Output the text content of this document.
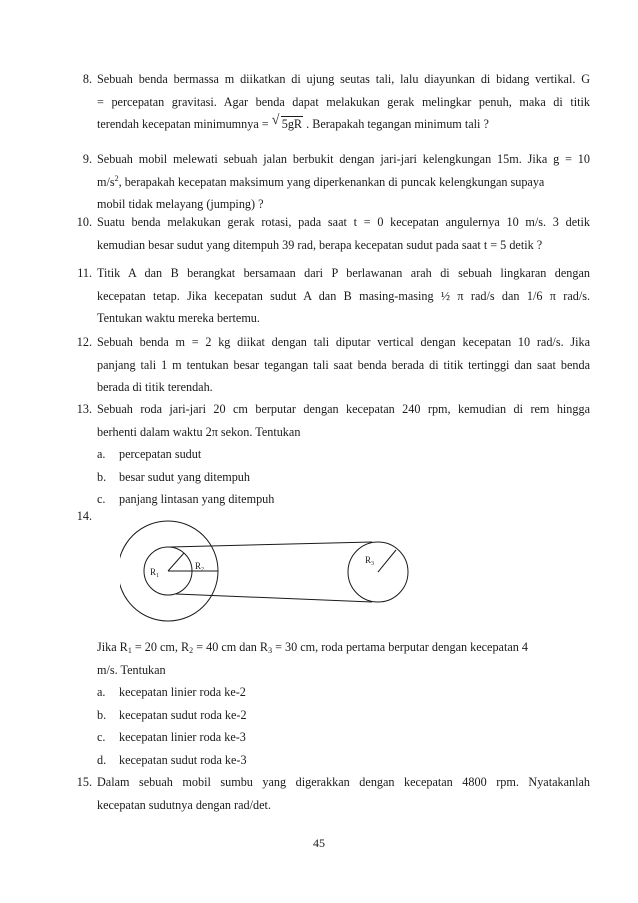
8. Sebuah benda bermassa m diikatkan di ujung seutas tali, lalu diayunkan di bidang vertikal. G
= percepatan gravitasi. Agar benda dapat melakukan gerak melingkar penuh, maka di titik
terendah kecepatan minimumnya = √ 5gR . Berapakah tegangan minimum tali ?
9. Sebuah mobil melewati sebuah jalan berbukit dengan jari-jari kelengkungan 15m. Jika g = 10
$m/s^2$, berapakah kecepatan maksimum yang diperkenankan di puncak kelengkungan supaya
mobil tidak melayang (jumping) ?
10. Suatu benda melakukan gerak rotasi, pada saat t = 0 kecepatan angulernya 10 m/s. 3 detik
kemudian besar sudut yang ditempuh 39 rad, berapa kecepatan sudut pada saat t = 5 detik ?
11. Titik A dan B berangkat bersamaan dari P berlawanan arah di sebuah lingkaran dengan
kecepatan tetap. Jika kecepatan sudut A dan B masing-masing ½ π rad/s dan 1/6 π rad/s.
Tentukan waktu mereka bertemu.
12. Sebuah benda m = 2 kg diikat dengan tali diputar vertical dengan kecepatan 10 rad/s. Jika
panjang tali 1 m tentukan besar tegangan tali saat benda berada di titik tertinggi dan saat benda
berada di titik terendah.
13. Sebuah roda jari-jari 20 cm berputar dengan kecepatan 240 rpm, kemudian di rem hingga
berhenti dalam waktu 2π sekon. Tentukan
a. percepatan sudut
b. besar sudut yang ditempuh
c. panjang lintasan yang ditempuh
14.
$R_1$
$R_2$
$R_3$
Jika $R_1 = 20$ cm, $R_2 = 40$ cm dan $R_3 = 30$ cm, roda pertama berputar dengan kecepatan 4
m/s. Tentukan
a. kecepatan linier roda ke-2
b. kecepatan sudut roda ke-2
c. kecepatan linier roda ke-3
d. kecepatan sudut roda ke-3
15. Dalam sebuah mobil sumbu yang digerakkan dengan kecepatan 4800 rpm. Nyatakanlah
kecepatan sudutnya dengan rad/det.
45
